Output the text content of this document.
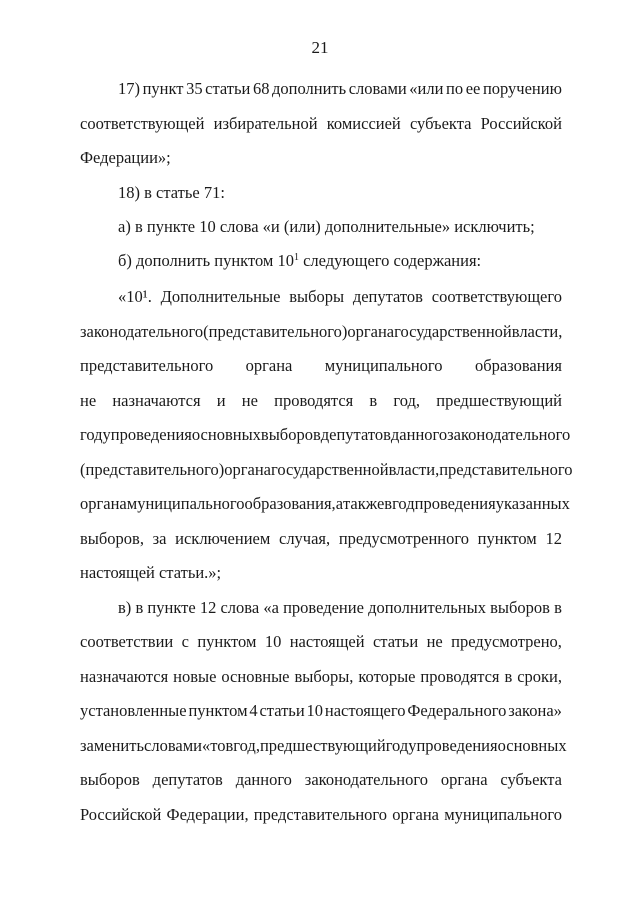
21
17) пункт 35 статьи 68 дополнить словами «или по ее поручению
соответствующей избирательной комиссией субъекта Российской
Федерации»;
18) в статье 71:
а) в пункте 10 слова «и (или) дополнительные» исключить;
б) дополнить пунктом $10^1$ следующего содержания:
«10¹. Дополнительные выборы депутатов соответствующего
законодательного (представительного) органа государственной власти,
представительного органа муниципального образования
не назначаются и не проводятся в год, предшествующий
году проведения основных выборов депутатов данного законодательного
(представительного) органа государственной власти, представительного
органа муниципального образования, а также в год проведения указанных
выборов, за исключением случая, предусмотренного пунктом 12
настоящей статьи.»;
в) в пункте 12 слова «а проведение дополнительных выборов в
соответствии с пунктом 10 настоящей статьи не предусмотрено,
назначаются новые основные выборы, которые проводятся в сроки,
установленные пунктом 4 статьи 10 настоящего Федерального закона»
заменить словами «то в год, предшествующий году проведения основных
выборов депутатов данного законодательного органа субъекта
Российской Федерации, представительного органа муниципального
